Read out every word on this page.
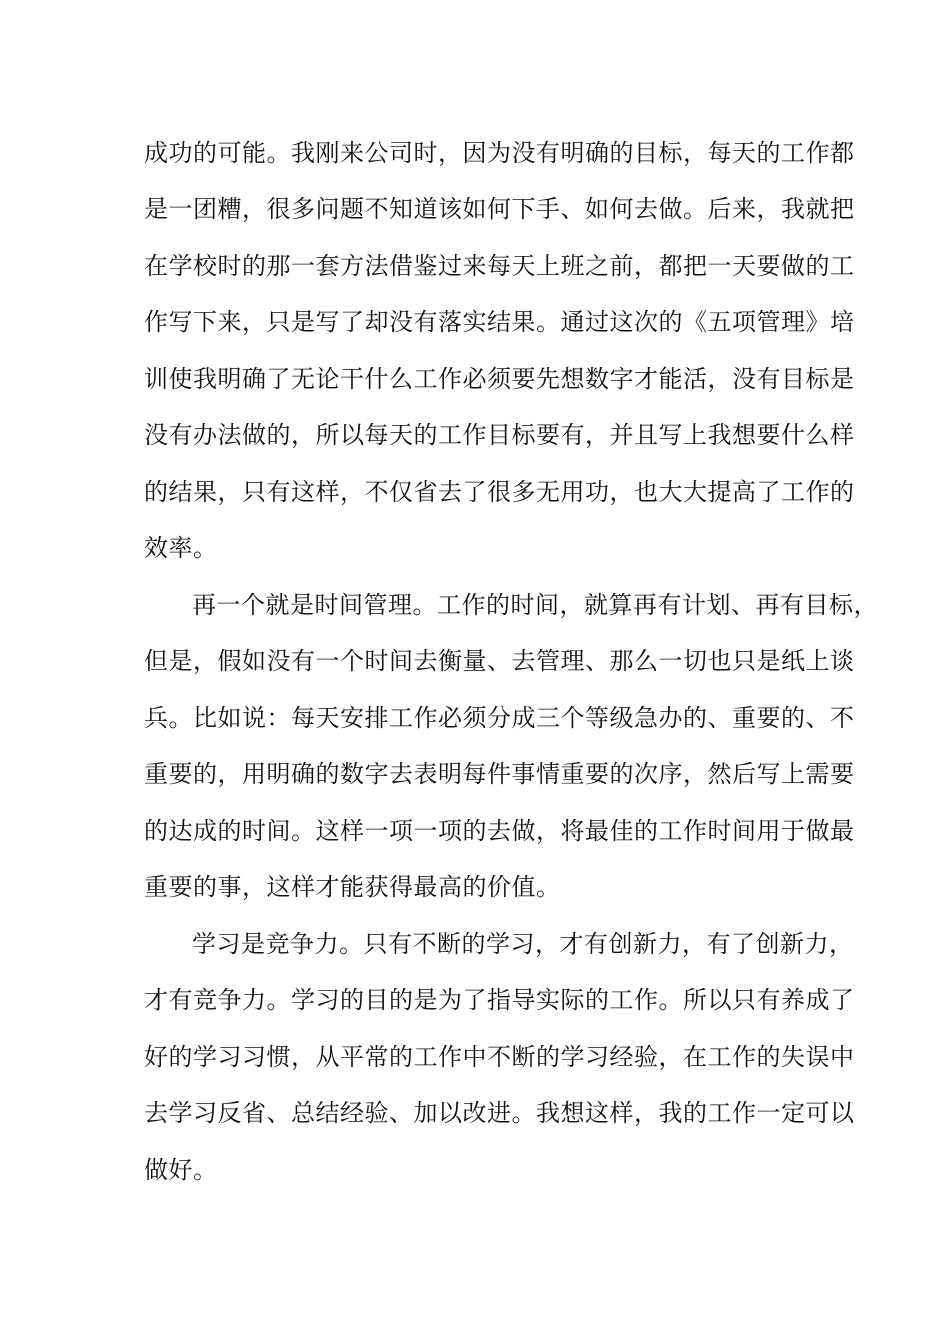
成功的可能。我刚来公司时，因为没有明确的目标，每天的工作都
是一团糟，很多问题不知道该如何下手、如何去做。后来，我就把
在学校时的那一套方法借鉴过来每天上班之前，都把一天要做的工
作写下来，只是写了却没有落实结果。通过这次的《五项管理》培
训使我明确了无论干什么工作必须要先想数字才能活，没有目标是
没有办法做的，所以每天的工作目标要有，并且写上我想要什么样
的结果，只有这样，不仅省去了很多无用功，也大大提高了工作的
效率。
再一个就是时间管理。工作的时间，就算再有计划、再有目标，
但是，假如没有一个时间去衡量、去管理、那么一切也只是纸上谈
兵。比如说：每天安排工作必须分成三个等级急办的、重要的、不
重要的，用明确的数字去表明每件事情重要的次序，然后写上需要
的达成的时间。这样一项一项的去做，将最佳的工作时间用于做最
重要的事，这样才能获得最高的价值。
学习是竞争力。只有不断的学习，才有创新力，有了创新力，
才有竞争力。学习的目的是为了指导实际的工作。所以只有养成了
好的学习习惯，从平常的工作中不断的学习经验，在工作的失误中
去学习反省、总结经验、加以改进。我想这样，我的工作一定可以
做好。
